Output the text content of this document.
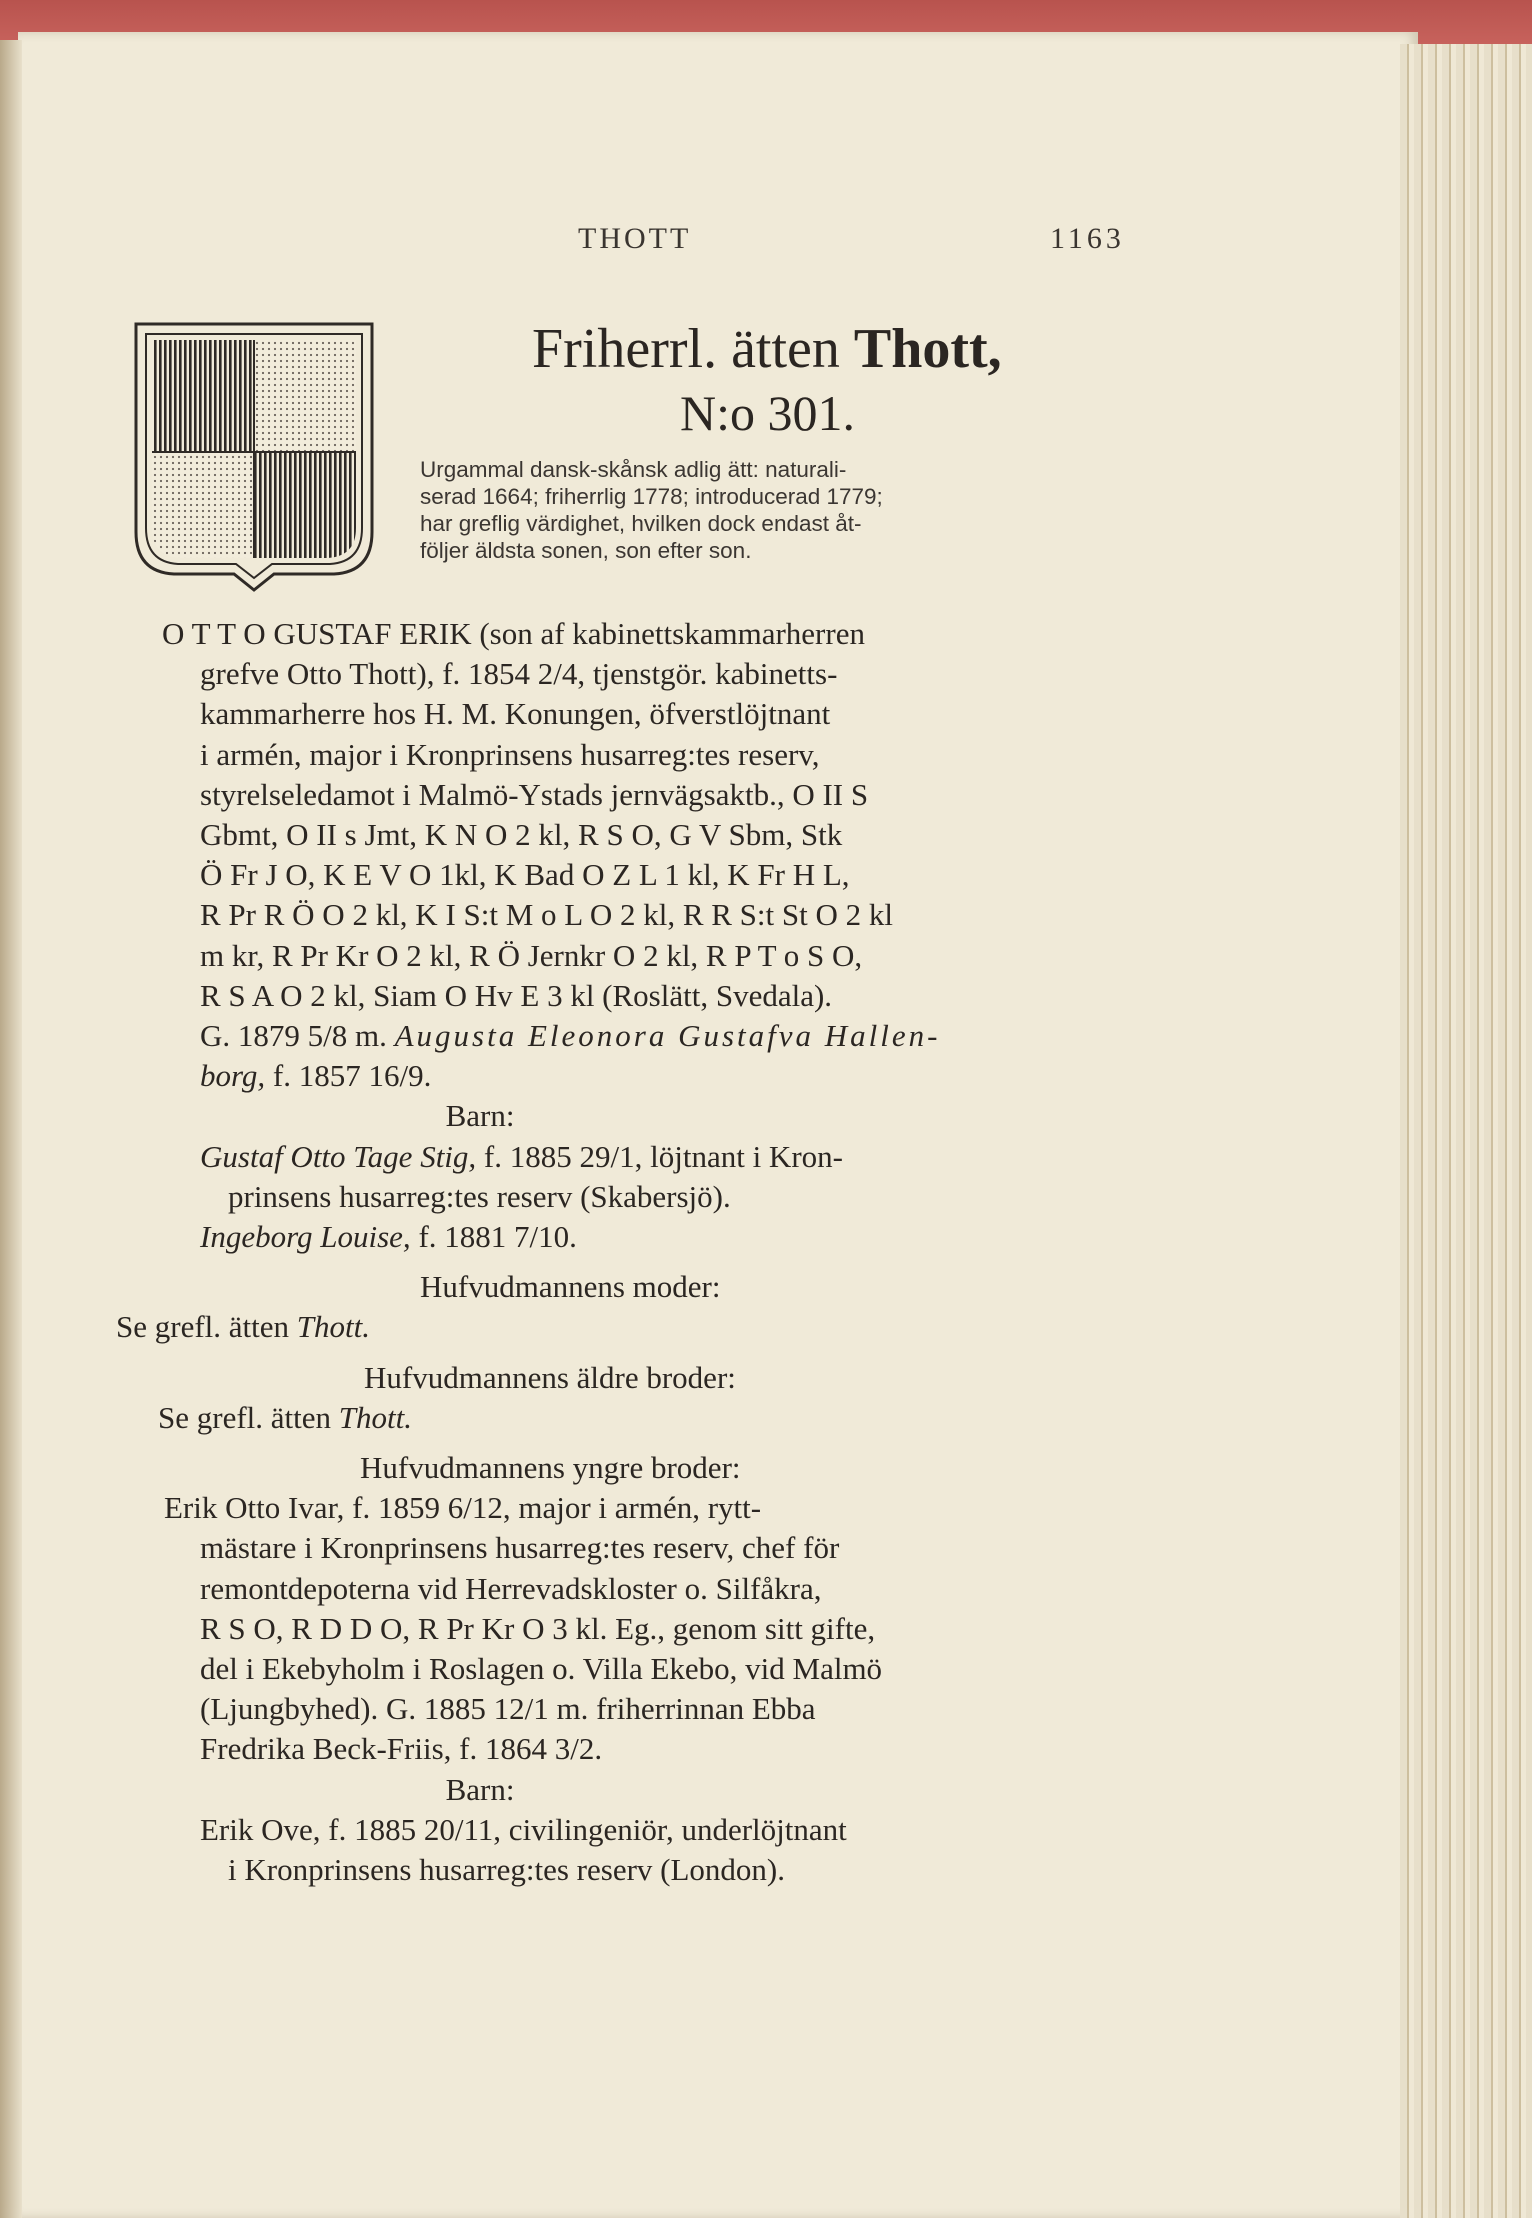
THOTT	1163
Friherrl. ätten Thott,
N:o 301.
Urgammal dansk-skånsk adlig ätt: naturali-
serad 1664; friherrlig 1778; introducerad 1779;
har greflig värdighet, hvilken dock endast åt-
följer äldsta sonen, son efter son.
O T T O GUSTAF ERIK (son af kabinettskammarherren
grefve Otto Thott), f. 1854 2/4, tjenstgör. kabinetts-
kammarherre hos H. M. Konungen, öfverstlöjtnant
i armén, major i Kronprinsens husarreg:tes reserv,
styrelseledamot i Malmö-Ystads jernvägsaktb., O II S
Gbmt, O II s Jmt, K N O 2 kl, R S O, G V Sbm, Stk
Ö Fr J O, K E V O 1kl, K Bad O Z L 1 kl, K Fr H L,
R Pr R Ö O 2 kl, K I S:t M o L O 2 kl, R R S:t St O 2 kl
m kr, R Pr Kr O 2 kl, R Ö Jernkr O 2 kl, R P T o S O,
R S A O 2 kl, Siam O Hv E 3 kl (Roslätt, Svedala).
G. 1879 5/8 m. Augusta Eleonora Gustafva Hallen-
borg, f. 1857 16/9.
Barn:
Gustaf Otto Tage Stig, f. 1885 29/1, löjtnant i Kron-
prinsens husarreg:tes reserv (Skabersjö).
Ingeborg Louise, f. 1881 7/10.
Hufvudmannens moder:
Se grefl. ätten Thott.
Hufvudmannens äldre broder:
Se grefl. ätten Thott.
Hufvudmannens yngre broder:
Erik Otto Ivar, f. 1859 6/12, major i armén, rytt-
mästare i Kronprinsens husarreg:tes reserv, chef för
remontdepoterna vid Herrevadskloster o. Silfåkra,
R S O, R D D O, R Pr Kr O 3 kl. Eg., genom sitt gifte,
del i Ekebyholm i Roslagen o. Villa Ekebo, vid Malmö
(Ljungbyhed). G. 1885 12/1 m. friherrinnan Ebba
Fredrika Beck-Friis, f. 1864 3/2.
Barn:
Erik Ove, f. 1885 20/11, civilingeniör, underlöjtnant
i Kronprinsens husarreg:tes reserv (London).
